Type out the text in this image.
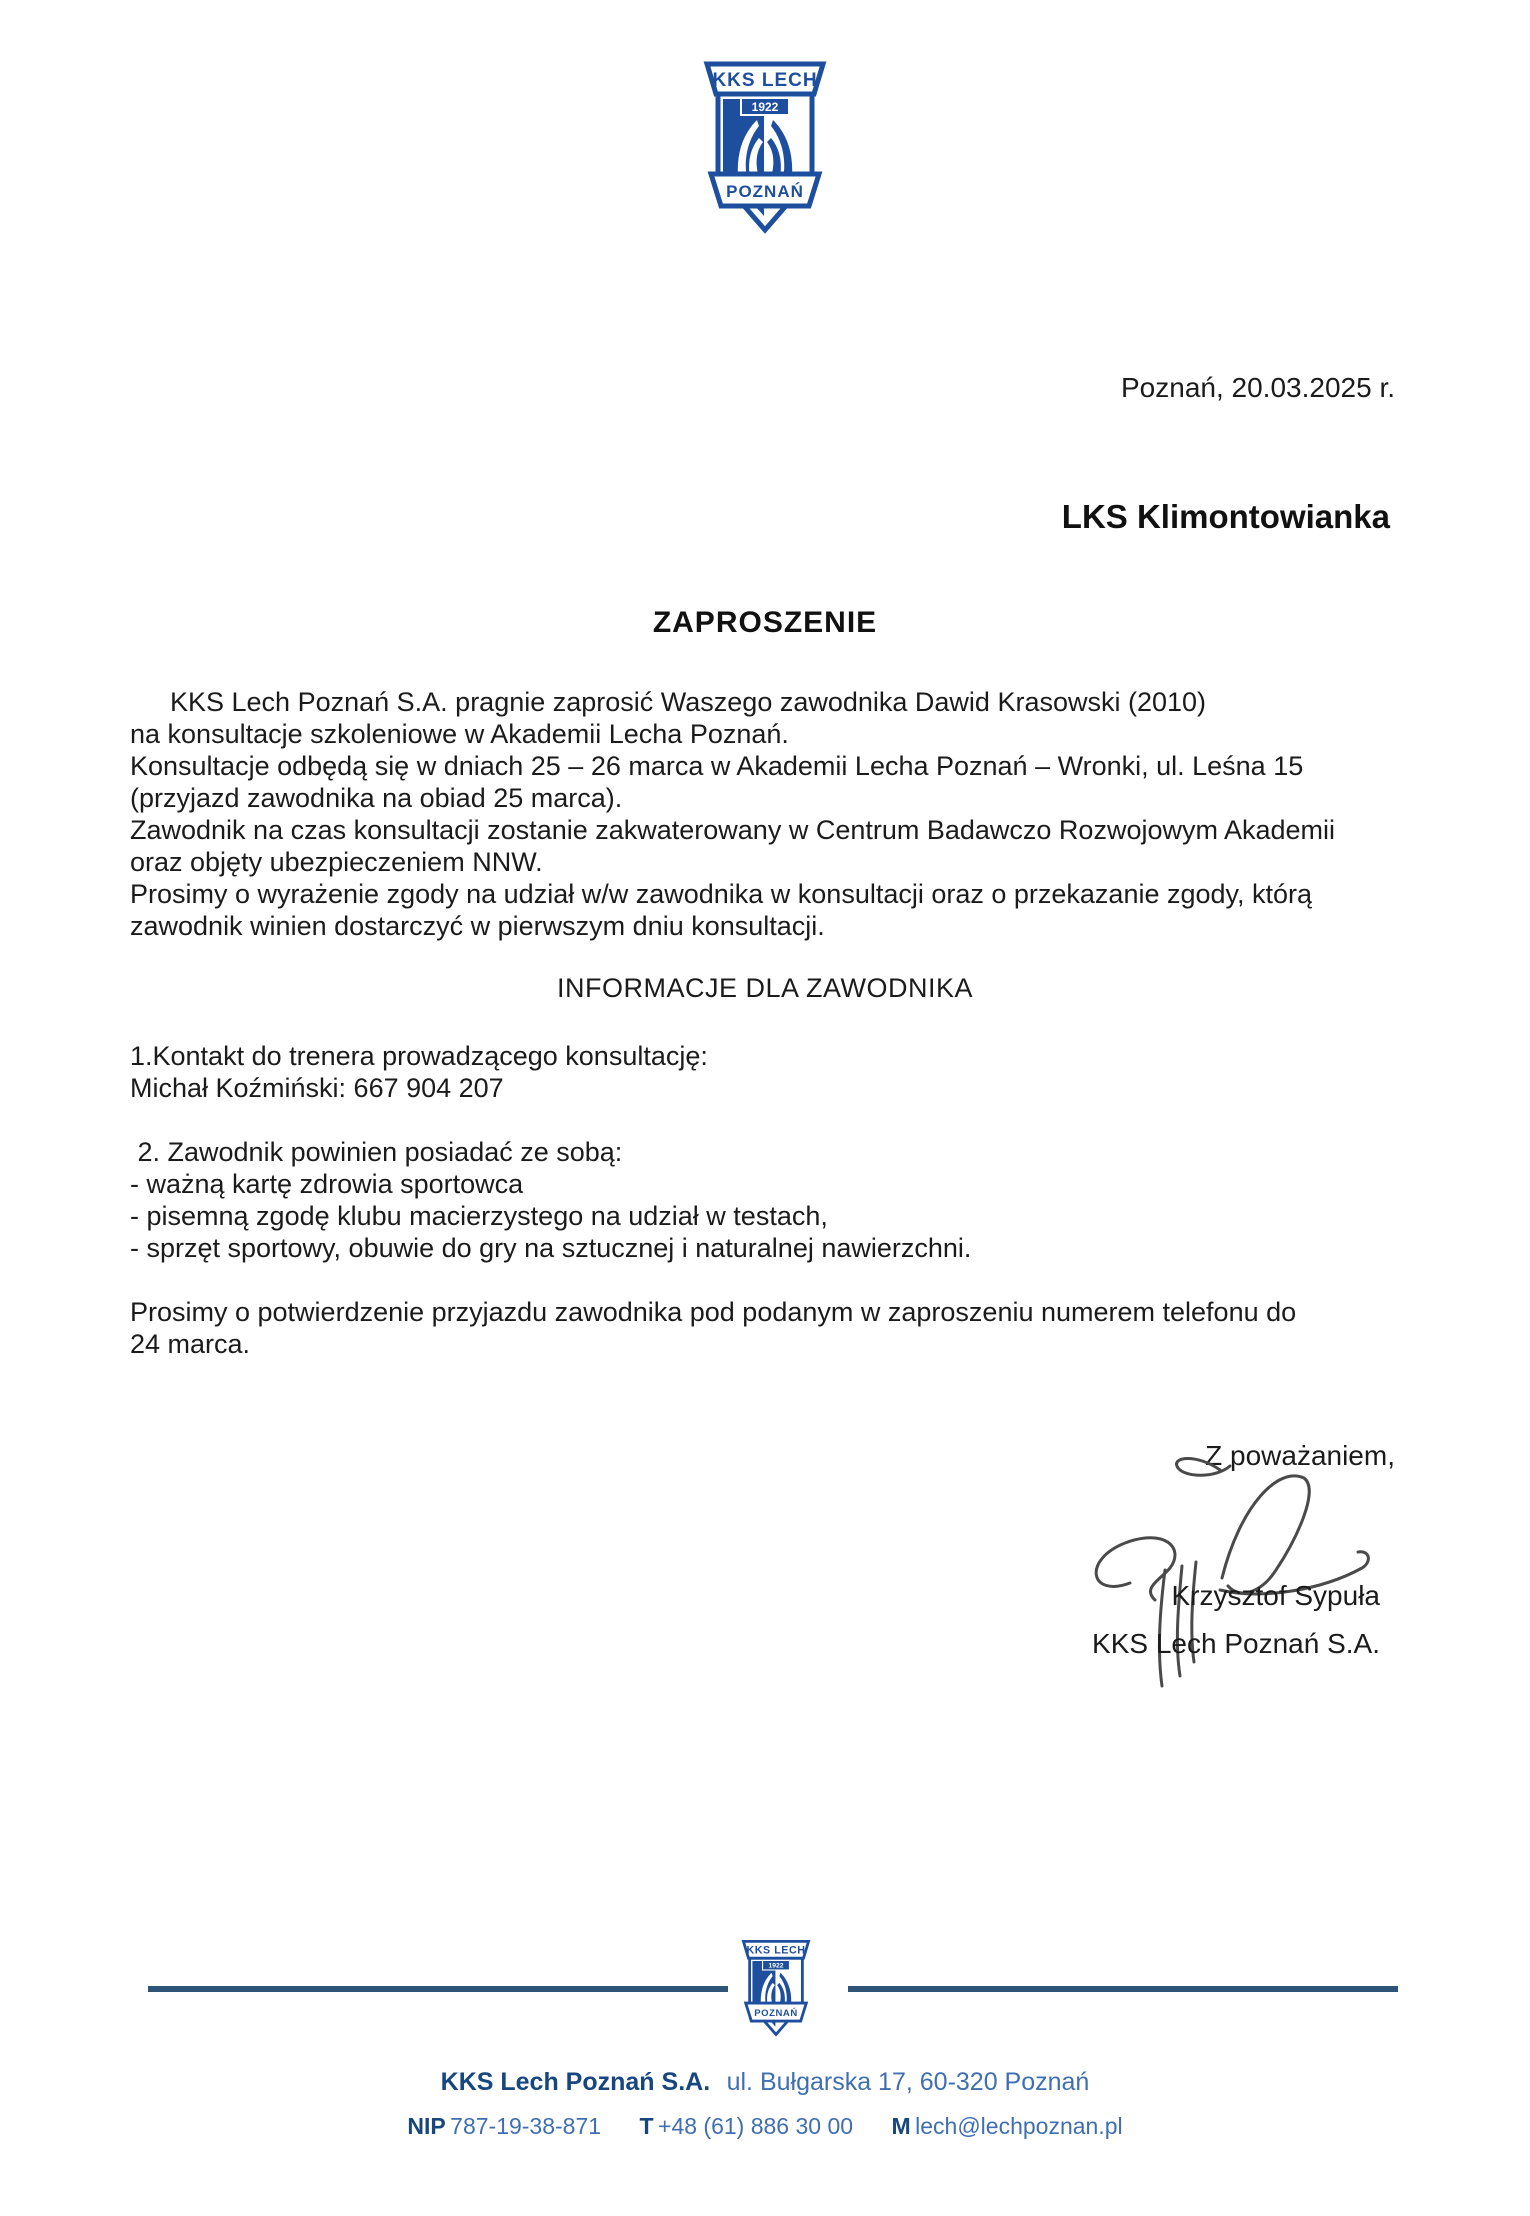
Poznań, 20.03.2025 r.
LKS Klimontowianka
ZAPROSZENIE
KKS Lech Poznań S.A. pragnie zaprosić Waszego zawodnika Dawid Krasowski (2010)
na konsultacje szkoleniowe w Akademii Lecha Poznań.
Konsultacje odbędą się w dniach 25 – 26 marca w Akademii Lecha Poznań – Wronki, ul. Leśna 15
(przyjazd zawodnika na obiad 25 marca).
Zawodnik na czas konsultacji zostanie zakwaterowany w Centrum Badawczo Rozwojowym Akademii
oraz objęty ubezpieczeniem NNW.
Prosimy o wyrażenie zgody na udział w/w zawodnika w konsultacji oraz o przekazanie zgody, którą
zawodnik winien dostarczyć w pierwszym dniu konsultacji.
INFORMACJE DLA ZAWODNIKA
1.Kontakt do trenera prowadzącego konsultację:
Michał Koźmiński: 667 904 207
2. Zawodnik powinien posiadać ze sobą:
- ważną kartę zdrowia sportowca
- pisemną zgodę klubu macierzystego na udział w testach,
- sprzęt sportowy, obuwie do gry na sztucznej i naturalnej nawierzchni.
Prosimy o potwierdzenie przyjazdu zawodnika pod podanym w zaproszeniu numerem telefonu do
24 marca.
Z poważaniem,
Krzysztof Sypuła
KKS Lech Poznań S.A.
KKS Lech Poznań S.A. ul. Bułgarska 17, 60-320 Poznań
NIP 787-19-38-871 T +48 (61) 886 30 00 M lech@lechpoznan.pl
